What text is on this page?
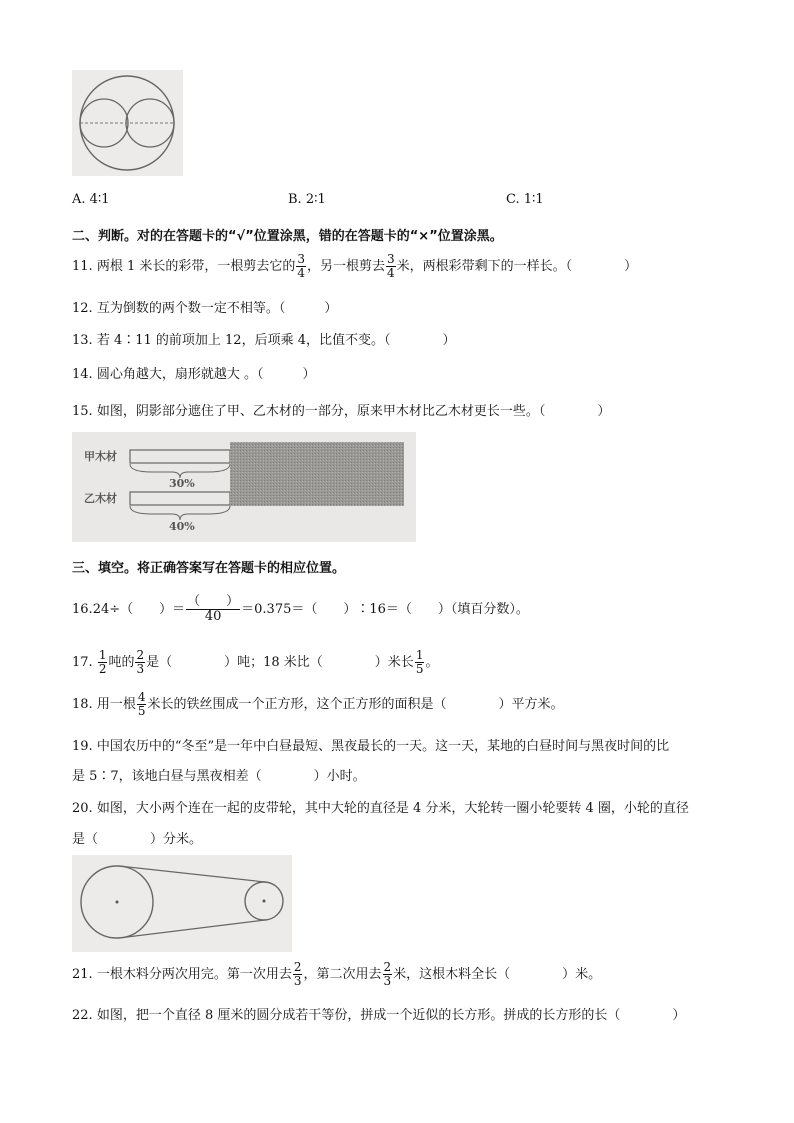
A. 4∶1	B. 2∶1	C. 1∶1
二、判断。对的在答题卡的“√”位置涂黑，错的在答题卡的“×”位置涂黑。
11. 两根 1 米长的彩带，一根剪去它的 $\frac{3}{4}$ ，另一根剪去 $\frac{3}{4}$ 米，两根彩带剩下的一样长。（　　　　）
12. 互为倒数的两个数一定不相等。（　　　）
13. 若 4∶11 的前项加上 12，后项乘 4，比值不变。（　　　　）
14. 圆心角越大，扇形就越大 。（　　　）
15. 如图，阴影部分遮住了甲、乙木材的一部分，原来甲木材比乙木材更长一些。（　　　　）
甲木材
乙木材
30%
40%
三、填空。将正确答案写在答题卡的相应位置。
16.24÷（　　）＝ $\frac{( )}{40} =0.375=$（　　）∶16＝（　　）（填百分数）。
17. $\frac{1}{2}$ 吨的 $\frac{2}{3}$ 是（　　　　）吨；18 米比（　　　　）米长 $\frac{1}{5}$ 。
18. 用一根 $\frac{4}{5}$ 米长的铁丝围成一个正方形，这个正方形的面积是（　　　　）平方米。
19. 中国农历中的“冬至”是一年中白昼最短、黑夜最长的一天。这一天，某地的白昼时间与黑夜时间的比
是 5∶7，该地白昼与黑夜相差（　　　　）小时。
20. 如图，大小两个连在一起的皮带轮，其中大轮的直径是 4 分米，大轮转一圈小轮要转 4 圈，小轮的直径
是（　　　　）分米。
21. 一根木料分两次用完。第一次用去 $\frac{2}{3}$ ，第二次用去 $\frac{2}{3}$ 米，这根木料全长（　　　　）米。
22. 如图，把一个直径 8 厘米的圆分成若干等份，拼成一个近似的长方形。拼成的长方形的长（　　　　）
